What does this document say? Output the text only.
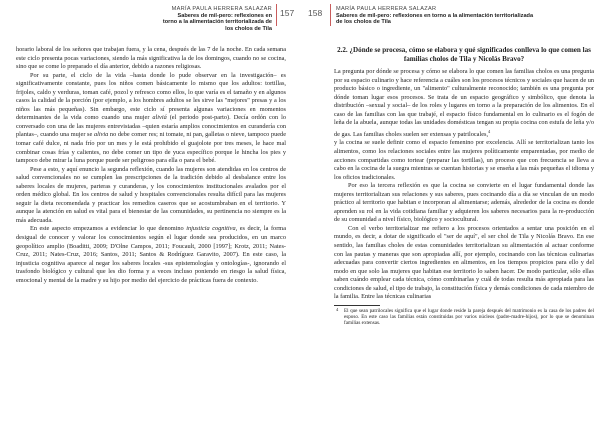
MARÍA PAULA HERRERA SALAZAR
Saberes de mil-pero: reflexiones en torno a la alimentación territorializada de los cholos de Tila
157

horario laboral de los señores que trabajan fuera, y la cena, después de las 7 de la noche. En cada semana este ciclo presenta pocas variaciones, siendo la más significativa la de los domingos, cuando no se cocina, sino que se come lo preparado el día anterior, debido a razones religiosas.

Por su parte, el ciclo de la vida –hasta donde lo pude observar en la investigación– es significativamente constante, pues los niños comen básicamente lo mismo que los adultos: tortillas, frijoles, caldo y verduras, toman café, pozol y refresco como ellos, lo que varía es el tamaño y en algunos casos la calidad de la porción (por ejemplo, a los hombres adultos se les sirve las "mejores" presas y a los niños las más pequeñas). Sin embargo, este ciclo sí presenta algunas variaciones en momentos determinantes de la vida como cuando una mujer aliviá (el periodo post-parto). Decía ordón con lo conversado con una de las mujeres entrevistadas –quien estaría amplios conocimientos en curandería con plantas–, cuando una mujer se alivia no debe comer res; ni tomate, ni pan, galletas o nieve, tampoco puede tomar café dulce, ni nada frío por un mes y le está prohibido el guajolote por tres meses, le hace mal combinar cosas frías y calientes, no debe comer un tipo de yuca específico porque le hincha los pies y tampoco debe mirar la luna porque puede ser peligroso para ella o para el bebé.

Pese a esto, y aquí enuncio la segunda reflexión, cuando las mujeres son atendidas en los centros de salud convencionales no se cumplen las prescripciones de la tradición debido al desbalance entre los saberes locales de mujeres, parteras y curanderas, y los conocimientos institucionales avalados por el orden médico global. En los centros de salud y hospitales convencionales resulta difícil para las mujeres seguir la dieta recomendada y practicar los remedios caseros que se acostumbraban en el territorio. Y aunque la atención en salud es vital para el bienestar de las comunidades, su pertinencia no siempre es la más adecuada.

En este aspecto empezamos a evidenciar lo que denomino injusticia cognitiva, es decir, la forma desigual de conocer y valorar los conocimientos según el lugar donde sea producidos, en un marco geopolítico amplio (Boaditti, 2009; D'Olne Campos, 2011; Foucault, 2000 [1997]; Krotz, 2011; Nates-Cruz, 2011; Nates-Cruz, 2016; Santos, 2011; Santos & Rodríguez Garavito, 2007). En este caso, la injusticia cognitiva aparece al negar los saberes locales -sus epistemologías y ontologías-, ignorando el trasfondo biológico y cultural que les dio forma y a veces incluso poniendo en riesgo la salud física, emocional y mental de la madre y su hijo por medio del ejercicio de prácticas fuera de contexto.

158 MARÍA PAULA HERRERA SALAZAR
Saberes de mil-pero: reflexiones en torno a la alimentación territorializada de los cholos de Tila
2.2. ¿Dónde se procesa, cómo se elabora y qué significados conlleva lo que comen las familias cholos de Tila y Nicolás Bravo?

La pregunta por dónde se procesa y cómo se elabora lo que comen las familias cholos es una pregunta por su espacio culinario y hace referencia a cuáles son los procesos técnicos y sociales que hacen de un producto básico o ingrediente, un "alimento" culturalmente reconocido; también es una pregunta por dónde toman lugar esos procesos. Se trata de un espacio geográfico y simbólico, que denota la distribución –sexual y social– de los roles y lugares en torno a la preparación de los alimentos. En el caso de las familias con las que trabajé, el espacio físico fundamental en lo culinario es el fogón de leña de la abuela, aunque todas las unidades domésticas tengan su propia cocina con estufa de leña y/o de gas. Las familias choles suelen ser extensas y patrilocales,$^4$

y la cocina se suele definir como el espacio femenino por excelencia. Allí se territorializan tanto los alimentos, como los relaciones sociales entre las mujeres políticamente emparentadas, por medio de acciones compartidas como tortear (preparar las tortillas), un proceso que con frecuencia se lleva a cabo en la cocina de la suegra mientras se cuentan historias y se enseña a las más pequeñas el idioma y los oficios tradicionales.

Por eso la tercera reflexión es que la cocina se convierte en el lugar fundamental donde las mujeres territorializan sus relaciones y sus saberes, pues cocinando día a día se vinculan de un modo práctico al territorio que habitan e incorporan al alimentarse; además, alrededor de la cocina es donde aprenden su rol en la vida cotidiana familiar y adquieren los saberes necesarios para la re-producción de su comunidad a nivel físico, biológico y sociocultural.

Con el verbo territorializar me refiero a los procesos orientados a sentar una posición en el mundo, es decir, a dotar de significado el "ser de aquí", el ser chol de Tila y Nicolás Bravo. En ese sentido, las familias choles de estas comunidades territorializan su alimentación al actuar conforme con las pautas y maneras que son apropiadas allí, por ejemplo, cocinando con las técnicas culinarias adecuadas para convertir ciertos ingredientes en alimentos, en los tiempos propicios para ello y del modo en que solo las mujeres que habitan ese territorio lo saben hacer. De modo particular, sólo ellas saben cuándo emplear cada técnica, cómo combinarlas y cuál de todas resulta más apropiada para las condiciones de salud, el tipo de trabajo, la constitución física y demás condiciones de cada miembro de la familia. Entre las técnicas culinarias

4 El que sean patrilocales significa que el lugar donde reside la pareja después del matrimonio es la casa de los padres del esposo. En este caso las familias están constituidas por varios núcleos (padre-madre-hijos), por lo que se denominan familias extensas.
